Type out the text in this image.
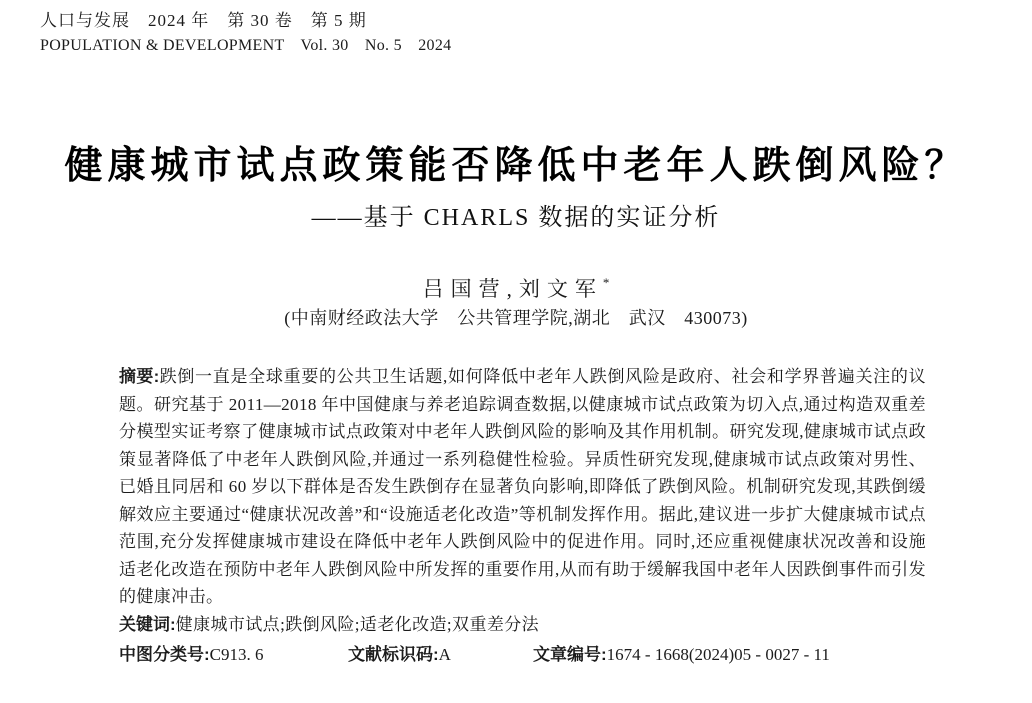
人口与发展　2024 年　第 30 卷　第 5 期
POPULATION & DEVELOPMENT　Vol. 30　No. 5　2024
健康城市试点政策能否降低中老年人跌倒风险？
——基于 CHARLS 数据的实证分析
吕国营,刘文军*
(中南财经政法大学　公共管理学院,湖北　武汉　430073)

摘要:跌倒一直是全球重要的公共卫生话题,如何降低中老年人跌倒风险是政府、社会和学界普遍关注的议题。研究基于 2011—2018 年中国健康与养老追踪调查数据,以健康城市试点政策为切入点,通过构造双重差分模型实证考察了健康城市试点政策对中老年人跌倒风险的影响及其作用机制。研究发现,健康城市试点政策显著降低了中老年人跌倒风险,并通过一系列稳健性检验。异质性研究发现,健康城市试点政策对男性、已婚且同居和 60 岁以下群体是否发生跌倒存在显著负向影响,即降低了跌倒风险。机制研究发现,其跌倒缓解效应主要通过“健康状况改善”和“设施适老化改造”等机制发挥作用。据此,建议进一步扩大健康城市试点范围,充分发挥健康城市建设在降低中老年人跌倒风险中的促进作用。同时,还应重视健康状况改善和设施适老化改造在预防中老年人跌倒风险中所发挥的重要作用,从而有助于缓解我国中老年人因跌倒事件而引发的健康冲击。

关键词:健康城市试点;跌倒风险;适老化改造;双重差分法

中图分类号:C913. 6	文献标识码:A	文章编号:1674 - 1668(2024)05 - 0027 - 11
